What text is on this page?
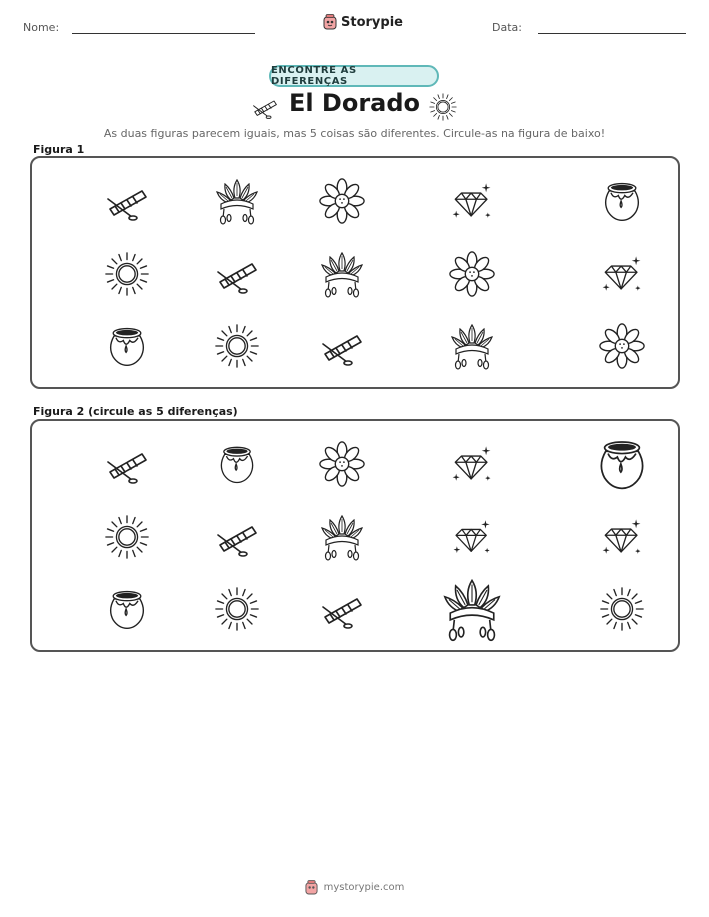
Nome:	Storypie	Data:
ENCONTRE AS DIFERENÇAS
El Dorado
As duas figuras parecem iguais, mas 5 coisas são diferentes. Circule-as na figura de baixo!
Figura 1
Figura 2 (circule as 5 diferenças)
mystorypie.com
